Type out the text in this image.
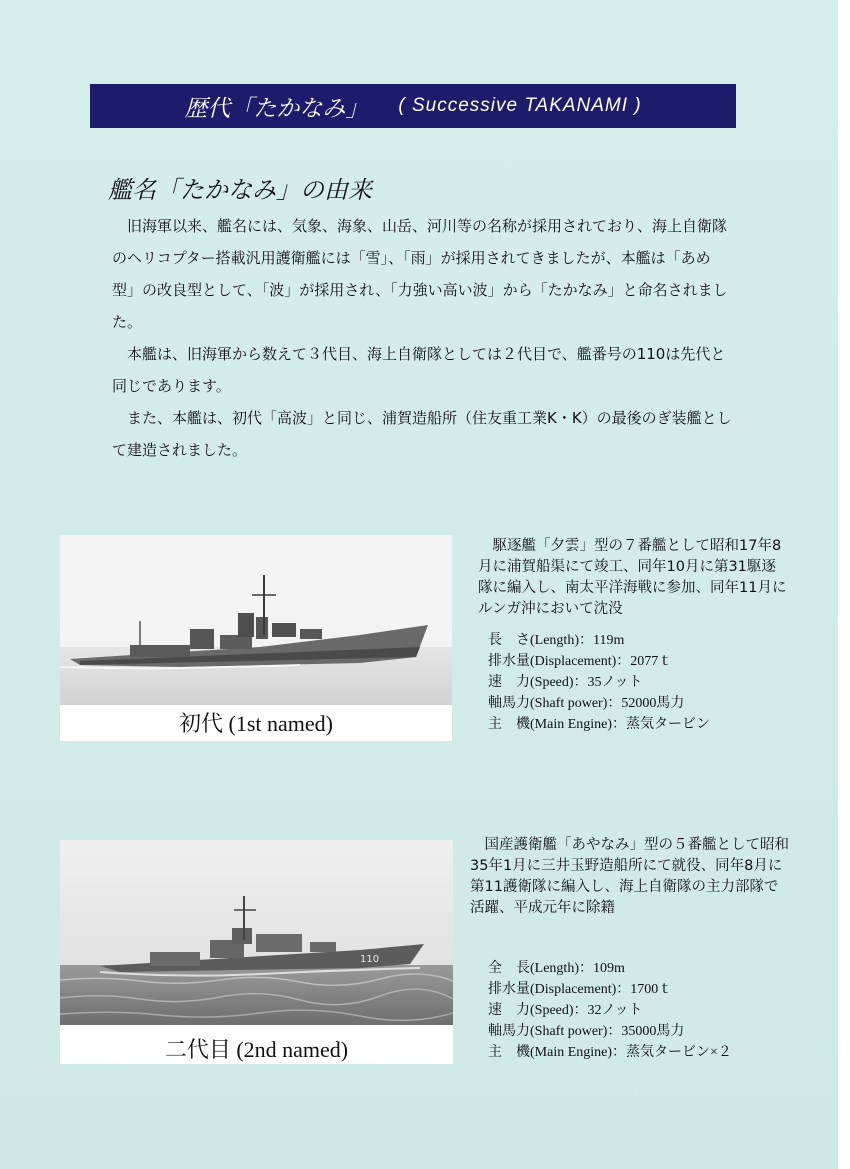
歴代「たかなみ」 ( Successive TAKANAMI )
艦名「たかなみ」の由来

旧海軍以来、艦名には、気象、海象、山岳、河川等の名称が採用されており、海上自衛隊のヘリコプター搭載汎用護衛艦には「雪」、「雨」が採用されてきましたが、本艦は「あめ型」の改良型として、「波」が採用され、「力強い高い波」から「たかなみ」と命名されました。

本艦は、旧海軍から数えて３代目、海上自衛隊としては２代目で、艦番号の110は先代と同じであります。

また、本艦は、初代「高波」と同じ、浦賀造船所（住友重工業K・K）の最後のぎ装艦として建造されました。

初代 (1st named)

駆逐艦「夕雲」型の７番艦として昭和17年8月に浦賀船渠にて竣工、同年10月に第31駆逐隊に編入し、南太平洋海戦に参加、同年11月にルンガ沖において沈没

長　さ(Length)：119m
排水量(Displacement)：2077ｔ
速　力(Speed)：35ノット
軸馬力(Shaft power)：52000馬力
主　機(Main Engine)：蒸気タービン
110
二代目 (2nd named)

国産護衛艦「あやなみ」型の５番艦として昭和35年1月に三井玉野造船所にて就役、同年8月に第11護衛隊に編入し、海上自衛隊の主力部隊で活躍、平成元年に除籍

全　長(Length)：109m
排水量(Displacement)：1700ｔ
速　力(Speed)：32ノット
軸馬力(Shaft power)：35000馬力
主　機(Main Engine)：蒸気タービン×２
